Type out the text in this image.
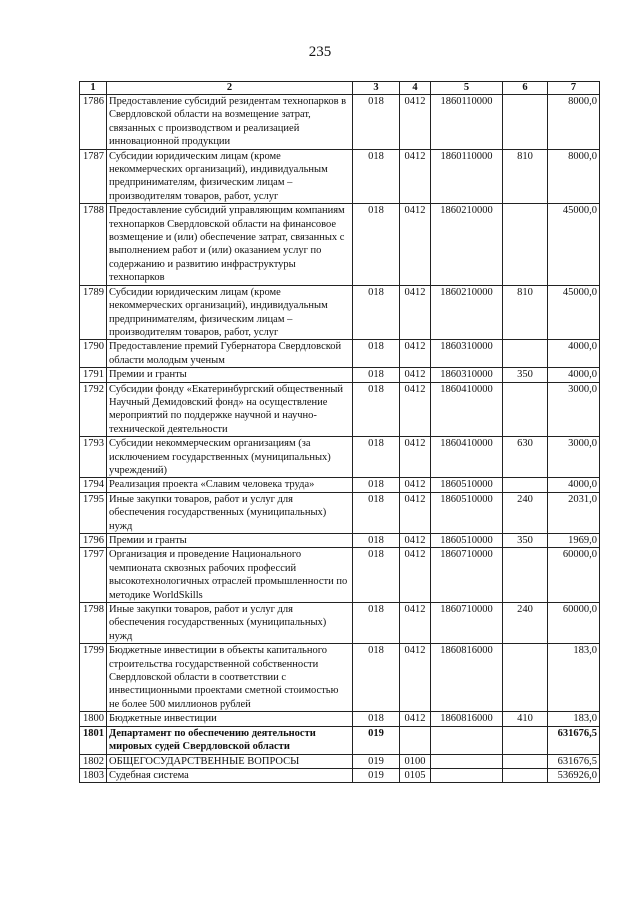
235
1	2	3	4	5	6	7
1786	Предоставление субсидий резидентам технопарков в Свердловской области на возмещение затрат, связанных с производством и реализацией инновационной продукции	018	0412	1860110000		8000,0
1787	Субсидии юридическим лицам (кроме некоммерческих организаций), индивидуальным предпринимателям, физическим лицам – производителям товаров, работ, услуг	018	0412	1860110000	810	8000,0
1788	Предоставление субсидий управляющим компаниям технопарков Свердловской области на финансовое возмещение и (или) обеспечение затрат, связанных с выполнением работ и (или) оказанием услуг по содержанию и развитию инфраструктуры технопарков	018	0412	1860210000		45000,0
1789	Субсидии юридическим лицам (кроме некоммерческих организаций), индивидуальным предпринимателям, физическим лицам – производителям товаров, работ, услуг	018	0412	1860210000	810	45000,0
1790	Предоставление премий Губернатора Свердловской области молодым ученым	018	0412	1860310000		4000,0
1791	Премии и гранты	018	0412	1860310000	350	4000,0
1792	Субсидии фонду «Екатеринбургский общественный Научный Демидовский фонд» на осуществление мероприятий по поддержке научной и научно-технической деятельности	018	0412	1860410000		3000,0
1793	Субсидии некоммерческим организациям (за исключением государственных (муниципальных) учреждений)	018	0412	1860410000	630	3000,0
1794	Реализация проекта «Славим человека труда»	018	0412	1860510000		4000,0
1795	Иные закупки товаров, работ и услуг для обеспечения государственных (муниципальных) нужд	018	0412	1860510000	240	2031,0
1796	Премии и гранты	018	0412	1860510000	350	1969,0
1797	Организация и проведение Национального чемпионата сквозных рабочих профессий высокотехнологичных отраслей промышленности по методике WorldSkills	018	0412	1860710000		60000,0
1798	Иные закупки товаров, работ и услуг для обеспечения государственных (муниципальных) нужд	018	0412	1860710000	240	60000,0
1799	Бюджетные инвестиции в объекты капитального строительства государственной собственности Свердловской области в соответствии с инвестиционными проектами сметной стоимостью не более 500 миллионов рублей	018	0412	1860816000		183,0
1800	Бюджетные инвестиции	018	0412	1860816000	410	183,0
1801	Департамент по обеспечению деятельности мировых судей Свердловской области	019				631676,5
1802	ОБЩЕГОСУДАРСТВЕННЫЕ ВОПРОСЫ	019	0100			631676,5
1803	Судебная система	019	0105			536926,0
